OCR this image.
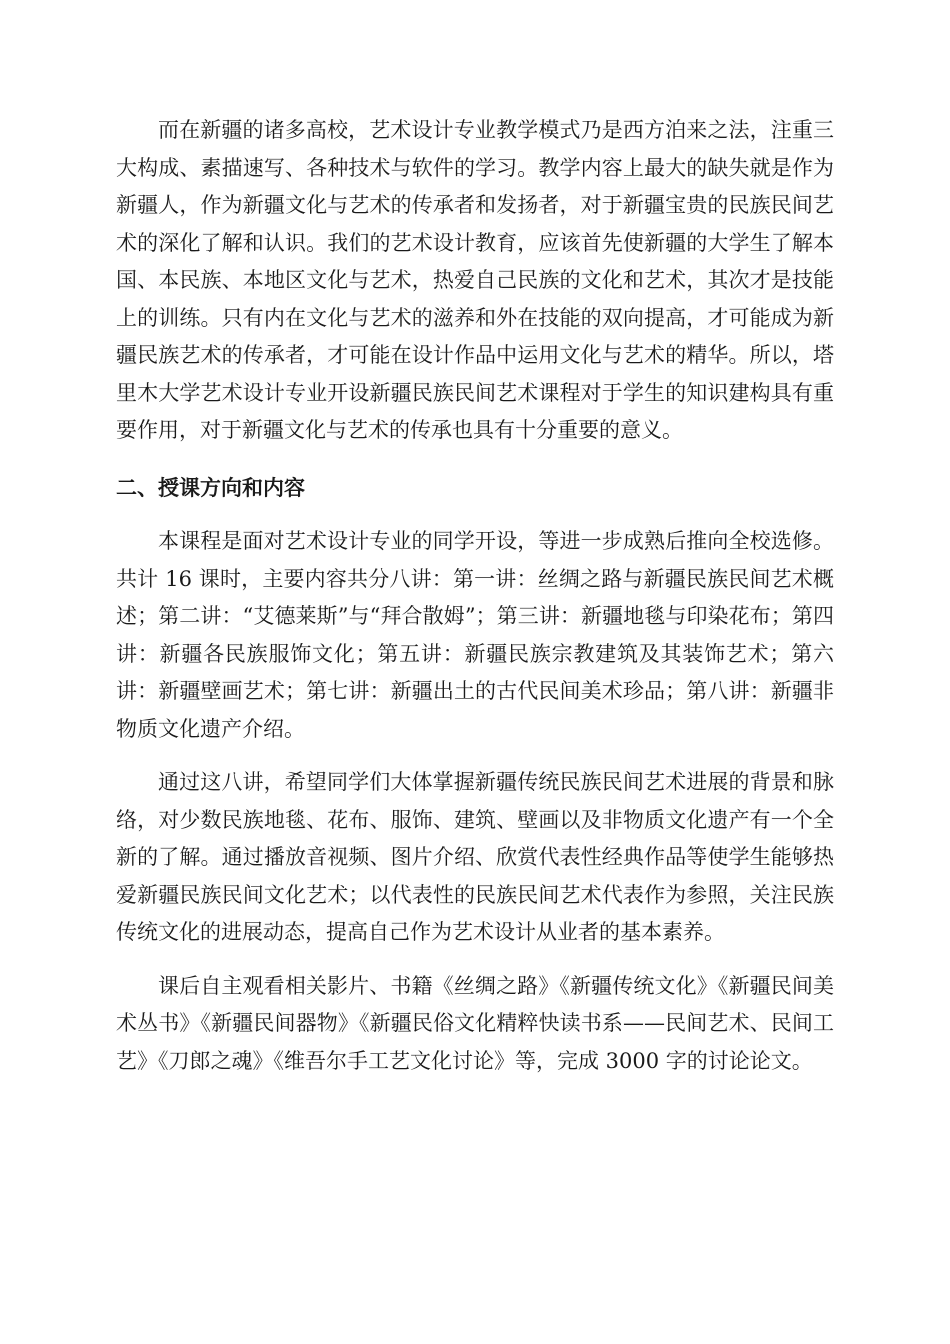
而在新疆的诸多高校，艺术设计专业教学模式乃是西方泊来之法，注重三大构成、素描速写、各种技术与软件的学习。教学内容上最大的缺失就是作为新疆人，作为新疆文化与艺术的传承者和发扬者，对于新疆宝贵的民族民间艺术的深化了解和认识。我们的艺术设计教育，应该首先使新疆的大学生了解本国、本民族、本地区文化与艺术，热爱自己民族的文化和艺术，其次才是技能上的训练。只有内在文化与艺术的滋养和外在技能的双向提高，才可能成为新疆民族艺术的传承者，才可能在设计作品中运用文化与艺术的精华。所以，塔里木大学艺术设计专业开设新疆民族民间艺术课程对于学生的知识建构具有重要作用，对于新疆文化与艺术的传承也具有十分重要的意义。

二、授课方向和内容

本课程是面对艺术设计专业的同学开设，等进一步成熟后推向全校选修。共计 16 课时，主要内容共分八讲：第一讲：丝绸之路与新疆民族民间艺术概述；第二讲：“艾德莱斯”与“拜合散姆”；第三讲：新疆地毯与印染花布；第四讲：新疆各民族服饰文化；第五讲：新疆民族宗教建筑及其装饰艺术；第六讲：新疆壁画艺术；第七讲：新疆出土的古代民间美术珍品；第八讲：新疆非物质文化遗产介绍。

通过这八讲，希望同学们大体掌握新疆传统民族民间艺术进展的背景和脉络，对少数民族地毯、花布、服饰、建筑、壁画以及非物质文化遗产有一个全新的了解。通过播放音视频、图片介绍、欣赏代表性经典作品等使学生能够热爱新疆民族民间文化艺术；以代表性的民族民间艺术代表作为参照，关注民族传统文化的进展动态，提高自己作为艺术设计从业者的基本素养。

课后自主观看相关影片、书籍《丝绸之路》《新疆传统文化》《新疆民间美术丛书》《新疆民间器物》《新疆民俗文化精粹快读书系——民间艺术、民间工艺》《刀郎之魂》《维吾尔手工艺文化讨论》等，完成 3000 字的讨论论文。
